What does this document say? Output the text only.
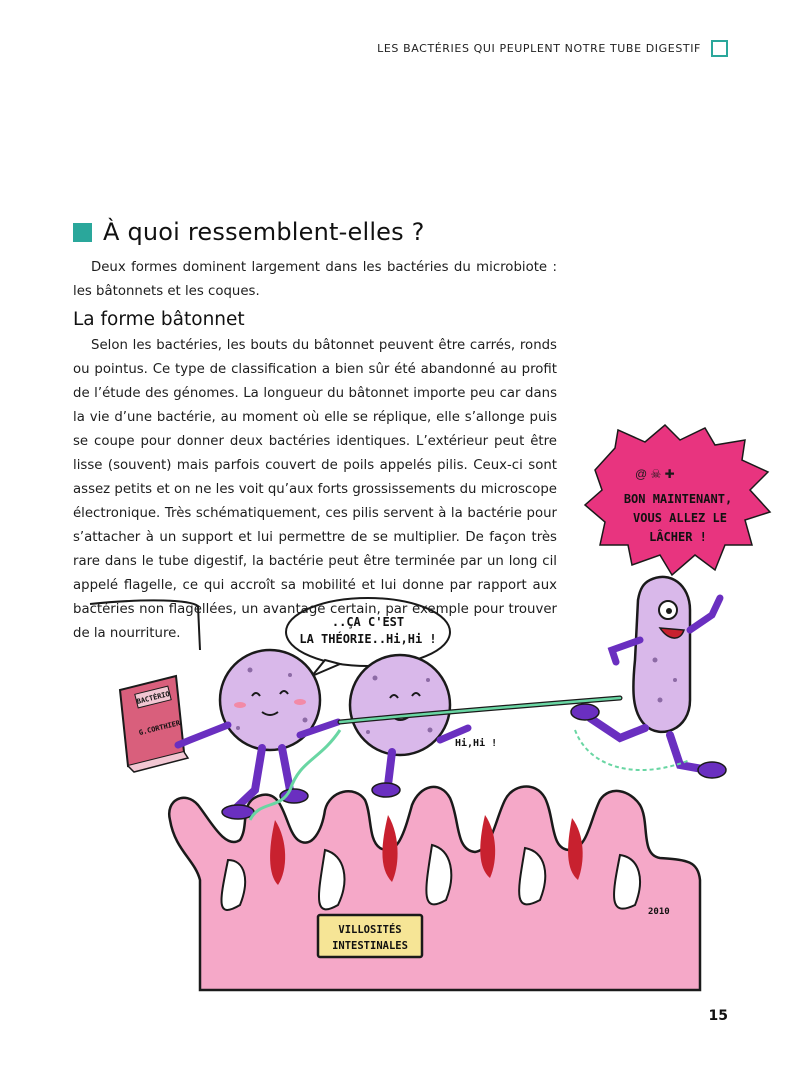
LES BACTÉRIES QUI PEUPLENT NOTRE TUBE DIGESTIF
VILLOSITÉS
INTESTINALES
2010
..ÇA C'EST
LA THÉORIE..Hi,Hi !
@ ☠ ✚
BON MAINTENANT,
VOUS ALLEZ LE
LÂCHER !
BACTÉRIO
G.CORTHIER
Hi,Hi !
À quoi ressemblent-elles ?

Deux formes dominent largement dans les bactéries du microbiote : les bâtonnets et les coques.

La forme bâtonnet

Selon les bactéries, les bouts du bâtonnet peuvent être carrés, ronds ou pointus. Ce type de classification a bien sûr été abandonné au profit de l’étude des génomes. La longueur du bâtonnet importe peu car dans la vie d’une bactérie, au moment où elle se réplique, elle s’allonge puis se coupe pour donner deux bactéries identiques. L’extérieur peut être lisse (souvent) mais parfois couvert de poils appelés pilis. Ceux-ci sont assez petits et on ne les voit qu’aux forts grossissements du microscope électronique. Très schématiquement, ces pilis servent à la bactérie pour s’attacher à un support et lui permettre de se multiplier. De façon très rare dans le tube digestif, la bactérie peut être terminée par un long cil appelé flagelle, ce qui accroît sa mobilité et lui donne par rapport aux bactéries non flagellées, un avantage certain, par exemple pour trouver de la nourriture.

15
